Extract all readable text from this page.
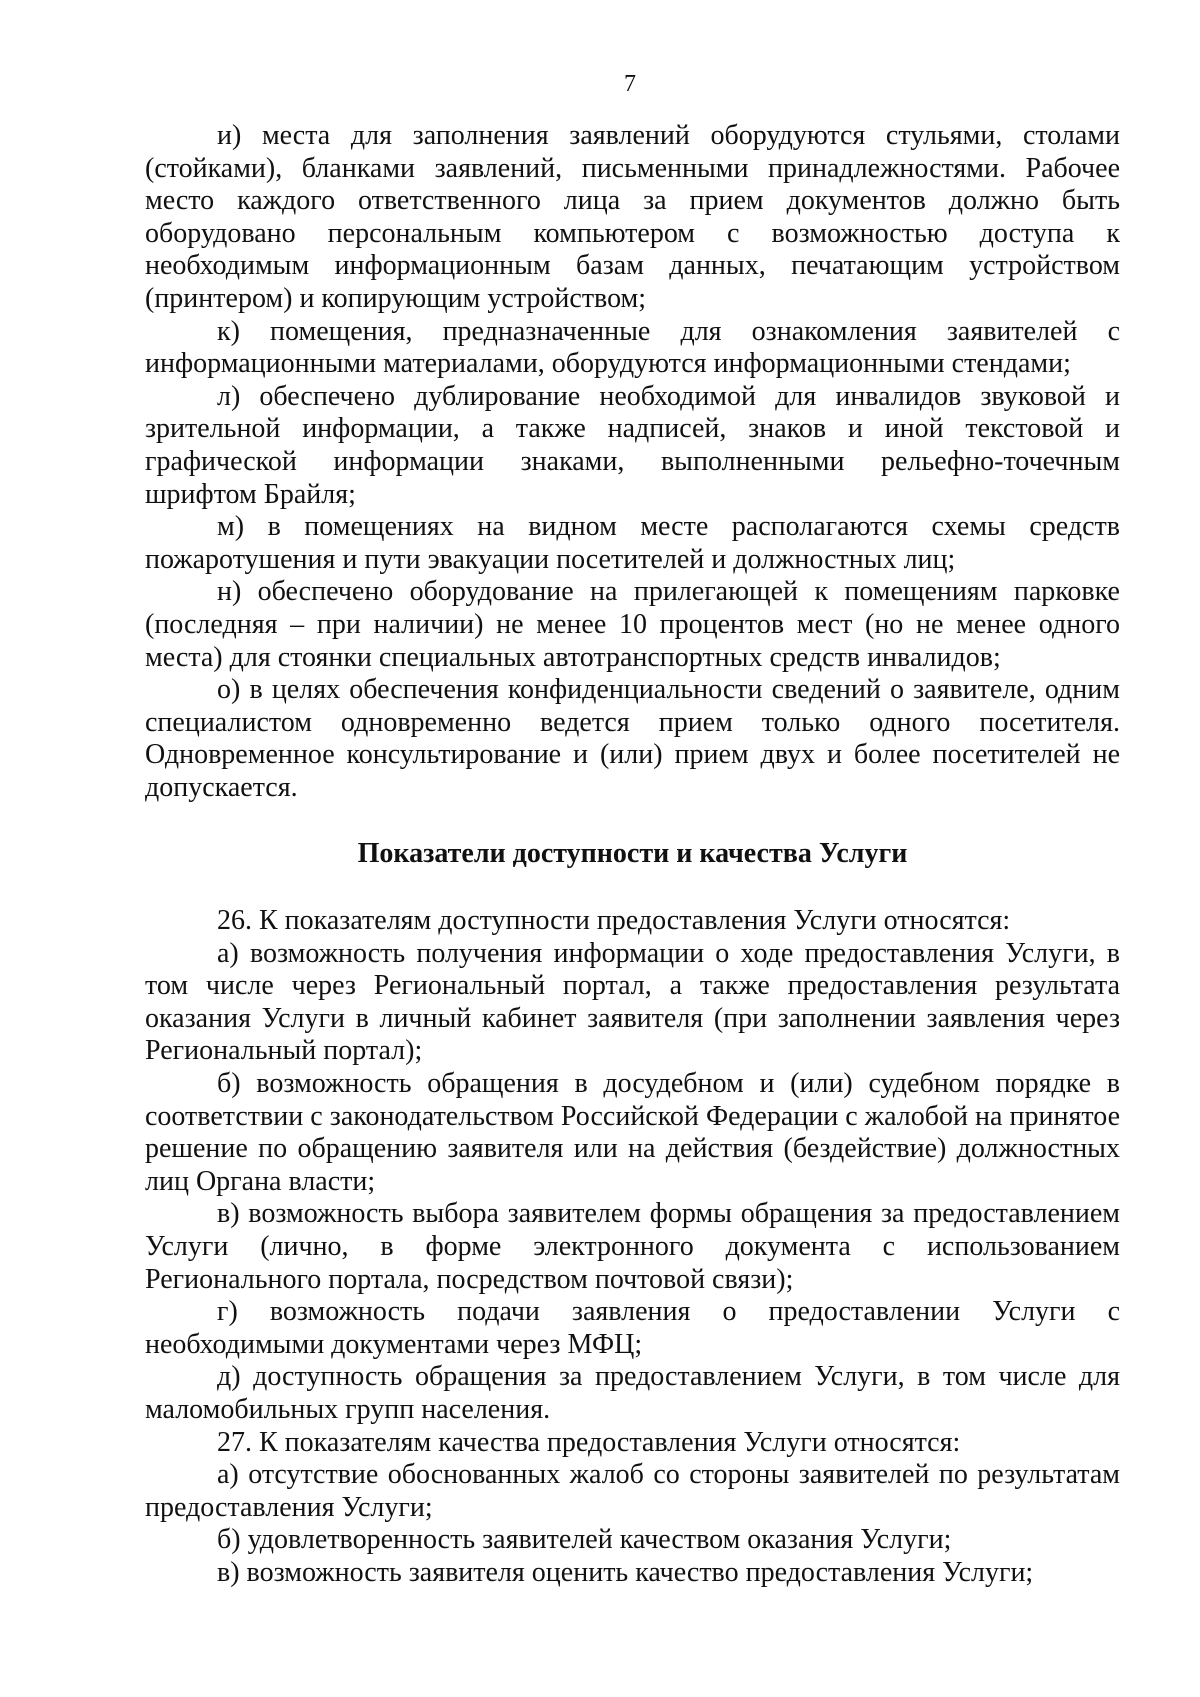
7

и) места для заполнения заявлений оборудуются стульями, столами (стойками), бланками заявлений, письменными принадлежностями. Рабочее место каждого ответственного лица за прием документов должно быть оборудовано персональным компьютером с возможностью доступа к необходимым информационным базам данных, печатающим устройством (принтером) и копирующим устройством;

к) помещения, предназначенные для ознакомления заявителей с информационными материалами, оборудуются информационными стендами;

л) обеспечено дублирование необходимой для инвалидов звуковой и зрительной информации, а также надписей, знаков и иной текстовой и графической информации знаками, выполненными рельефно-точечным шрифтом Брайля;

м) в помещениях на видном месте располагаются схемы средств пожаротушения и пути эвакуации посетителей и должностных лиц;

н) обеспечено оборудование на прилегающей к помещениям парковке (последняя – при наличии) не менее 10 процентов мест (но не менее одного места) для стоянки специальных автотранспортных средств инвалидов;

о) в целях обеспечения конфиденциальности сведений о заявителе, одним специалистом одновременно ведется прием только одного посетителя. Одновременное консультирование и (или) прием двух и более посетителей не допускается.

Показатели доступности и качества Услуги

26. К показателям доступности предоставления Услуги относятся:

а) возможность получения информации о ходе предоставления Услуги, в том числе через Региональный портал, а также предоставления результата оказания Услуги в личный кабинет заявителя (при заполнении заявления через Региональный портал);

б) возможность обращения в досудебном и (или) судебном порядке в соответствии с законодательством Российской Федерации с жалобой на принятое решение по обращению заявителя или на действия (бездействие) должностных лиц Органа власти;

в) возможность выбора заявителем формы обращения за предоставлением Услуги (лично, в форме электронного документа с использованием Регионального портала, посредством почтовой связи);

г) возможность подачи заявления о предоставлении Услуги с необходимыми документами через МФЦ;

д) доступность обращения за предоставлением Услуги, в том числе для маломобильных групп населения.

27. К показателям качества предоставления Услуги относятся:

а) отсутствие обоснованных жалоб со стороны заявителей по результатам предоставления Услуги;

б) удовлетворенность заявителей качеством оказания Услуги;

в) возможность заявителя оценить качество предоставления Услуги;
